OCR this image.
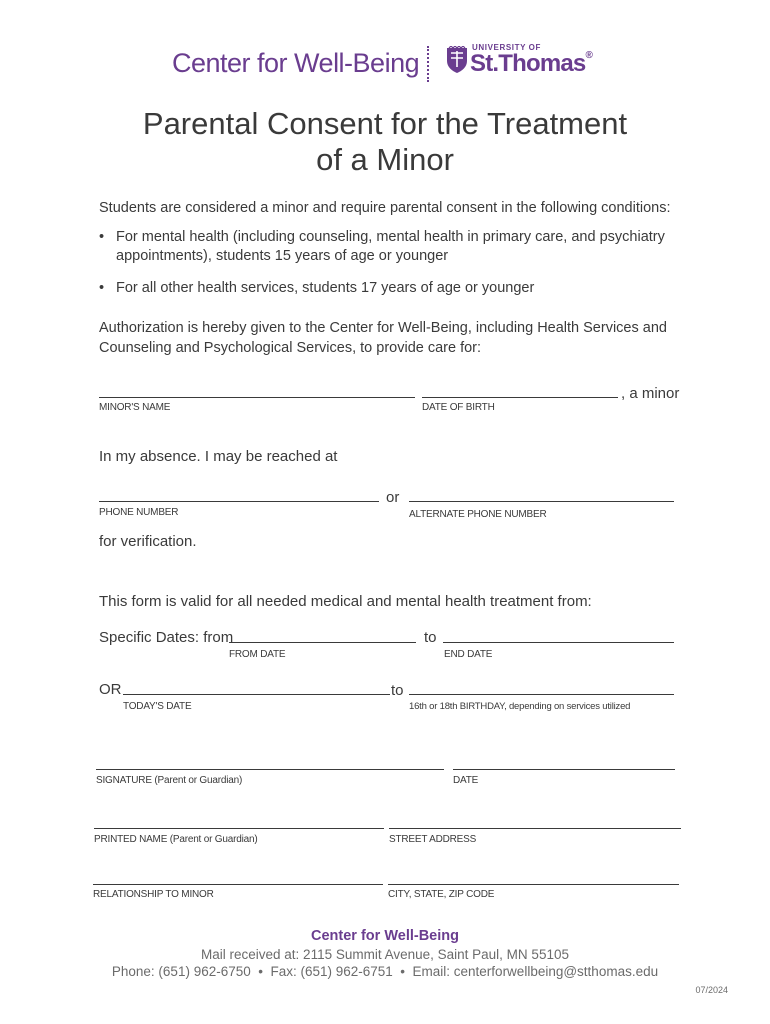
Center for Well-Being
UNIVERSITY OF
St.Thomas®
Parental Consent for the Treatment
of a Minor
Students are considered a minor and require parental consent in the following conditions:
• For mental health (including counseling, mental health in primary care, and psychiatry appointments), students 15 years of age or younger
• For all other health services, students 17 years of age or younger
Authorization is hereby given to the Center for Well-Being, including Health Services and Counseling and Psychological Services, to provide care for:
, a minor
MINOR'S NAME	DATE OF BIRTH
In my absence. I may be reached at
or
PHONE NUMBER	ALTERNATE PHONE NUMBER
for verification.
This form is valid for all needed medical and mental health treatment from:
Specific Dates: from	to
FROM DATE	END DATE
OR	to
TODAY'S DATE	16th or 18th BIRTHDAY, depending on services utilized
SIGNATURE (Parent or Guardian)	DATE
PRINTED NAME (Parent or Guardian)	STREET ADDRESS
RELATIONSHIP TO MINOR	CITY, STATE, ZIP CODE
Center for Well-Being
Mail received at: 2115 Summit Avenue, Saint Paul, MN 55105
Phone: (651) 962-6750  •  Fax: (651) 962-6751  •  Email: centerforwellbeing@stthomas.edu
07/2024
